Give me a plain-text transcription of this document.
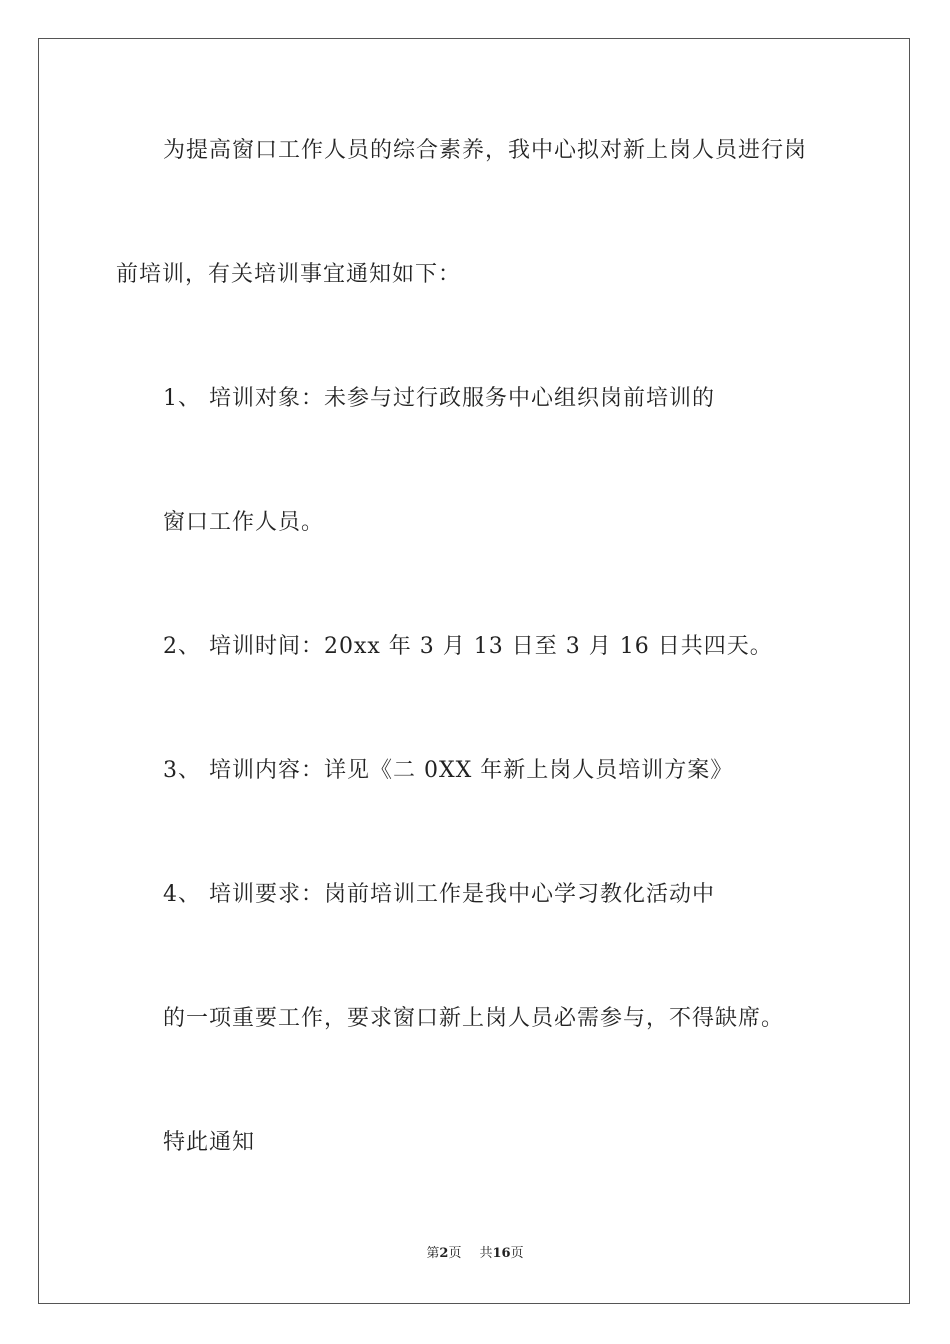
为提高窗口工作人员的综合素养，我中心拟对新上岗人员进行岗
前培训，有关培训事宜通知如下：
1、 培训对象：未参与过行政服务中心组织岗前培训的
窗口工作人员。
2、 培训时间：20xx 年 3 月 13 日至 3 月 16 日共四天。
3、 培训内容：详见《二 0XX 年新上岗人员培训方案》
4、 培训要求：岗前培训工作是我中心学习教化活动中
的一项重要工作，要求窗口新上岗人员必需参与，不得缺席。
特此通知
第2页 共16页
